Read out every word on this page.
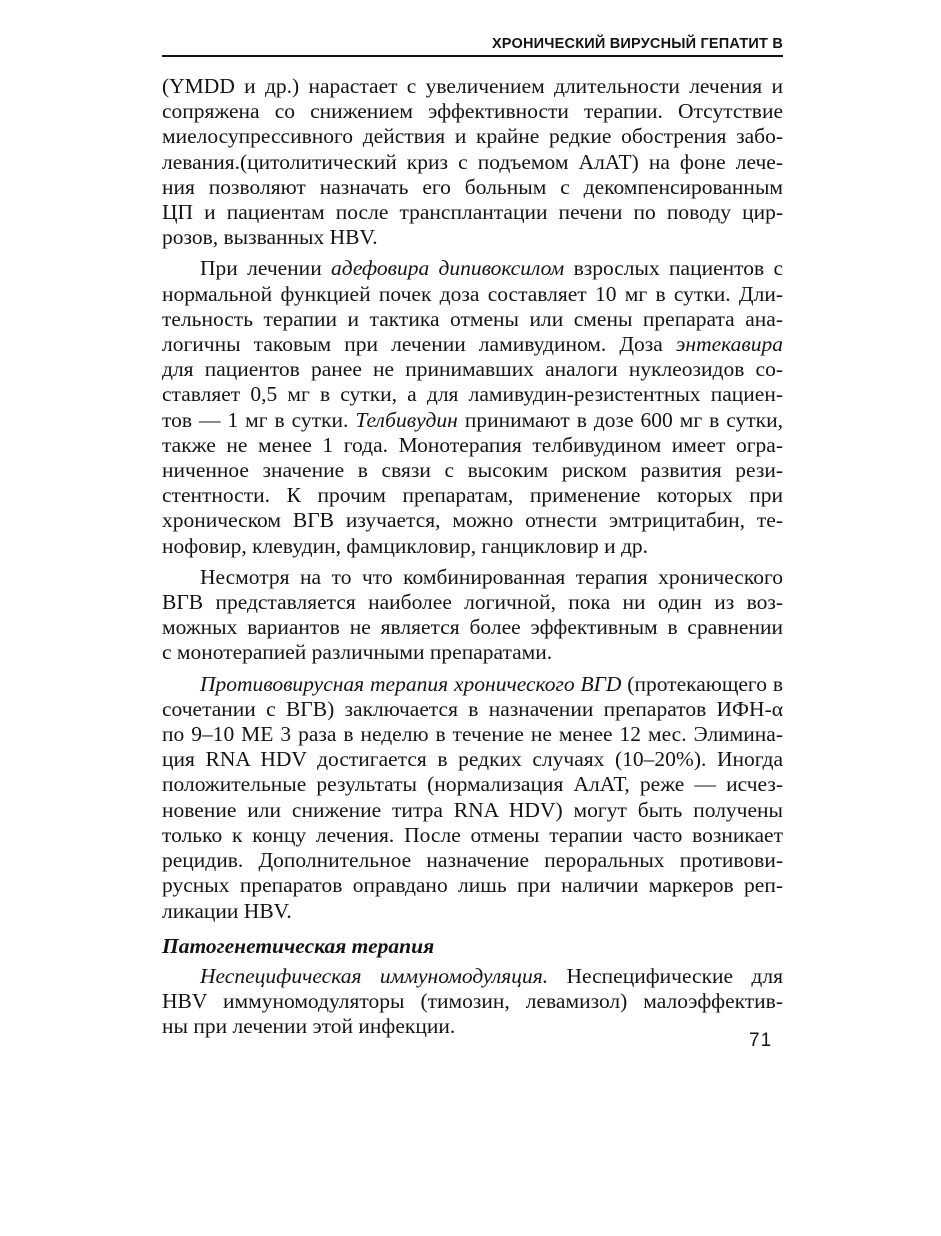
ХРОНИЧЕСКИЙ ВИРУСНЫЙ ГЕПАТИТ В
(YMDD и др.) нарастает с увеличением длительности лечения и
сопряжена со снижением эффективности терапии. Отсутствие
миелосупрессивного действия и крайне редкие обострения забо-
левания.(цитолитический криз с подъемом АлАТ) на фоне лече-
ния позволяют назначать его больным с декомпенсированным
ЦП и пациентам после трансплантации печени по поводу цир-
розов, вызванных HBV.
При лечении адефовира дипивоксилом взрослых пациентов с
нормальной функцией почек доза составляет 10 мг в сутки. Дли-
тельность терапии и тактика отмены или смены препарата ана-
логичны таковым при лечении ламивудином. Доза энтекавира
для пациентов ранее не принимавших аналоги нуклеозидов со-
ставляет 0,5 мг в сутки, а для ламивудин-резистентных пациен-
тов — 1 мг в сутки. Телбивудин принимают в дозе 600 мг в сутки,
также не менее 1 года. Монотерапия телбивудином имеет огра-
ниченное значение в связи с высоким риском развития рези-
стентности. К прочим препаратам, применение которых при
хроническом ВГВ изучается, можно отнести эмтрицитабин, те-
нофовир, клевудин, фамцикловир, ганцикловир и др.
Несмотря на то что комбинированная терапия хронического
ВГВ представляется наиболее логичной, пока ни один из воз-
можных вариантов не является более эффективным в сравнении
с монотерапией различными препаратами.
Противовирусная терапия хронического ВГD (протекающего в
сочетании с ВГВ) заключается в назначении препаратов ИФН-α
по 9–10 МЕ 3 раза в неделю в течение не менее 12 мес. Элимина-
ция RNA HDV достигается в редких случаях (10–20%). Иногда
положительные результаты (нормализация АлАТ, реже — исчез-
новение или снижение титра RNA HDV) могут быть получены
только к концу лечения. После отмены терапии часто возникает
рецидив. Дополнительное назначение пероральных противови-
русных препаратов оправдано лишь при наличии маркеров реп-
ликации HBV.
Патогенетическая терапия
Неспецифическая иммуномодуляция. Неспецифические для
HBV иммуномодуляторы (тимозин, левамизол) малоэффектив-
ны при лечении этой инфекции.
71
